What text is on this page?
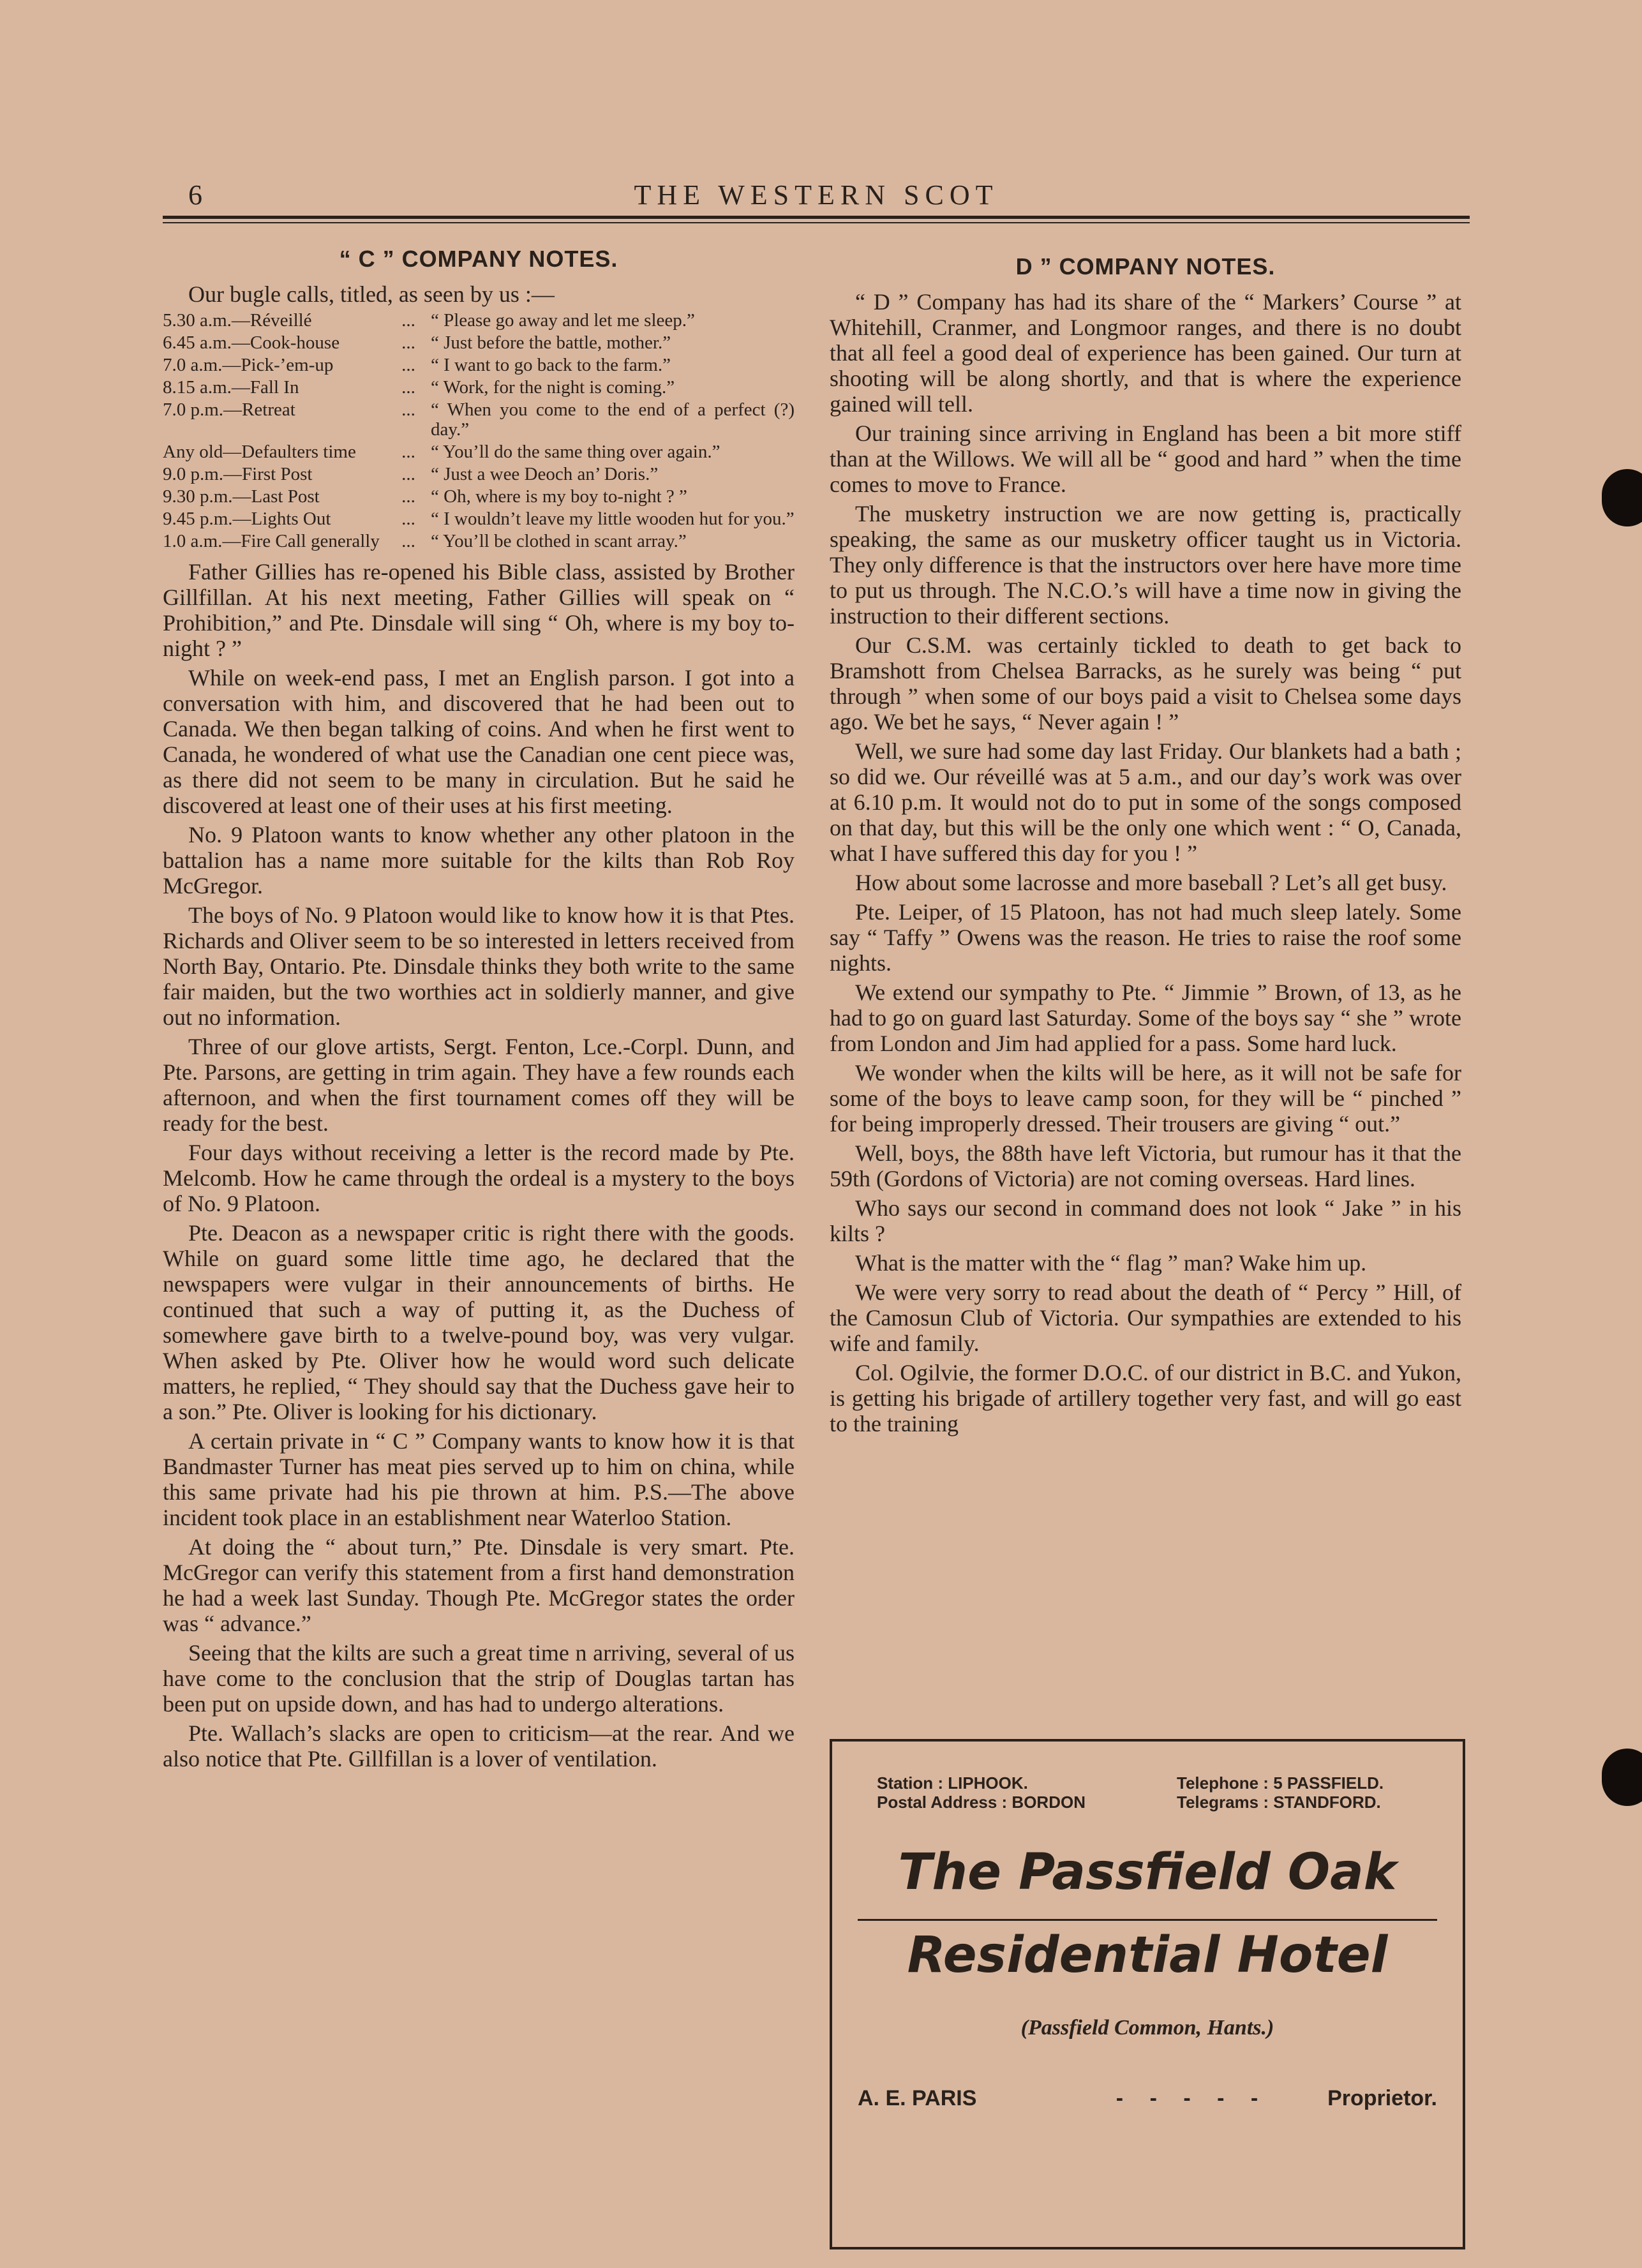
6	THE WESTERN SCOT
“ C ” COMPANY NOTES.

Our bugle calls, titled, as seen by us :—

5.30 a.m.—Réveillé	... “ Please go away and let me sleep.”
6.45 a.m.—Cook-house	... “ Just before the battle, mother.”
7.0 a.m.—Pick-’em-up	... “ I want to go back to the farm.”
8.15 a.m.—Fall In	... “ Work, for the night is coming.”
7.0 p.m.—Retreat	... “ When you come to the end of a perfect (?) day.”
Any old—Defaulters time	... “ You’ll do the same thing over again.”
9.0 p.m.—First Post	... “ Just a wee Deoch an’ Doris.”
9.30 p.m.—Last Post	... “ Oh, where is my boy to-night ? ”
9.45 p.m.—Lights Out	... “ I wouldn’t leave my little wooden hut for you.”
1.0 a.m.—Fire Call generally	... “ You’ll be clothed in scant array.”

Father Gillies has re-opened his Bible class, assisted by Brother Gillfillan. At his next meeting, Father Gillies will speak on “ Prohibition,” and Pte. Dinsdale will sing “ Oh, where is my boy to-night ? ”

While on week-end pass, I met an English parson. I got into a conversation with him, and discovered that he had been out to Canada. We then began talking of coins. And when he first went to Canada, he wondered of what use the Canadian one cent piece was, as there did not seem to be many in circulation. But he said he discovered at least one of their uses at his first meeting.

No. 9 Platoon wants to know whether any other platoon in the battalion has a name more suitable for the kilts than Rob Roy McGregor.

The boys of No. 9 Platoon would like to know how it is that Ptes. Richards and Oliver seem to be so interested in letters received from North Bay, Ontario. Pte. Dinsdale thinks they both write to the same fair maiden, but the two worthies act in soldierly manner, and give out no information.

Three of our glove artists, Sergt. Fenton, Lce.-Corpl. Dunn, and Pte. Parsons, are getting in trim again. They have a few rounds each afternoon, and when the first tournament comes off they will be ready for the best.

Four days without receiving a letter is the record made by Pte. Melcomb. How he came through the ordeal is a mystery to the boys of No. 9 Platoon.

Pte. Deacon as a newspaper critic is right there with the goods. While on guard some little time ago, he declared that the newspapers were vulgar in their announcements of births. He continued that such a way of putting it, as the Duchess of somewhere gave birth to a twelve-pound boy, was very vulgar. When asked by Pte. Oliver how he would word such delicate matters, he replied, “ They should say that the Duchess gave heir to a son.” Pte. Oliver is looking for his dictionary.

A certain private in “ C ” Company wants to know how it is that Bandmaster Turner has meat pies served up to him on china, while this same private had his pie thrown at him. P.S.—The above incident took place in an establishment near Waterloo Station.

At doing the “ about turn,” Pte. Dinsdale is very smart. Pte. McGregor can verify this statement from a first hand demonstration he had a week last Sunday. Though Pte. McGregor states the order was “ advance.”

Seeing that the kilts are such a great time n arriving, several of us have come to the conclusion that the strip of Douglas tartan has been put on upside down, and has had to undergo alterations.

Pte. Wallach’s slacks are open to criticism—at the rear. And we also notice that Pte. Gillfillan is a lover of ventilation.

D ” COMPANY NOTES.

“ D ” Company has had its share of the “ Markers’ Course ” at Whitehill, Cranmer, and Longmoor ranges, and there is no doubt that all feel a good deal of experience has been gained. Our turn at shooting will be along shortly, and that is where the experience gained will tell.

Our training since arriving in England has been a bit more stiff than at the Willows. We will all be “ good and hard ” when the time comes to move to France.

The musketry instruction we are now getting is, practically speaking, the same as our musketry officer taught us in Victoria. They only difference is that the instructors over here have more time to put us through. The N.C.O.’s will have a time now in giving the instruction to their different sections.

Our C.S.M. was certainly tickled to death to get back to Bramshott from Chelsea Barracks, as he surely was being “ put through ” when some of our boys paid a visit to Chelsea some days ago. We bet he says, “ Never again ! ”

Well, we sure had some day last Friday. Our blankets had a bath ; so did we. Our réveillé was at 5 a.m., and our day’s work was over at 6.10 p.m. It would not do to put in some of the songs composed on that day, but this will be the only one which went : “ O, Canada, what I have suffered this day for you ! ”

How about some lacrosse and more baseball ? Let’s all get busy.

Pte. Leiper, of 15 Platoon, has not had much sleep lately. Some say “ Taffy ” Owens was the reason. He tries to raise the roof some nights.

We extend our sympathy to Pte. “ Jimmie ” Brown, of 13, as he had to go on guard last Saturday. Some of the boys say “ she ” wrote from London and Jim had applied for a pass. Some hard luck.

We wonder when the kilts will be here, as it will not be safe for some of the boys to leave camp soon, for they will be “ pinched ” for being improperly dressed. Their trousers are giving “ out.”

Well, boys, the 88th have left Victoria, but rumour has it that the 59th (Gordons of Victoria) are not coming overseas. Hard lines.

Who says our second in command does not look “ Jake ” in his kilts ?

What is the matter with the “ flag ” man? Wake him up.

We were very sorry to read about the death of “ Percy ” Hill, of the Camosun Club of Victoria. Our sympathies are extended to his wife and family.

Col. Ogilvie, the former D.O.C. of our district in B.C. and Yukon, is getting his brigade of artillery together very fast, and will go east to the training

Station : LIPHOOK.
Postal Address : BORDON
Telephone : 5 PASSFIELD.
Telegrams : STANDFORD.
The Passfield Oak
Residential Hotel
(Passfield Common, Hants.)
A. E. PARIS	- - - - -	Proprietor.
